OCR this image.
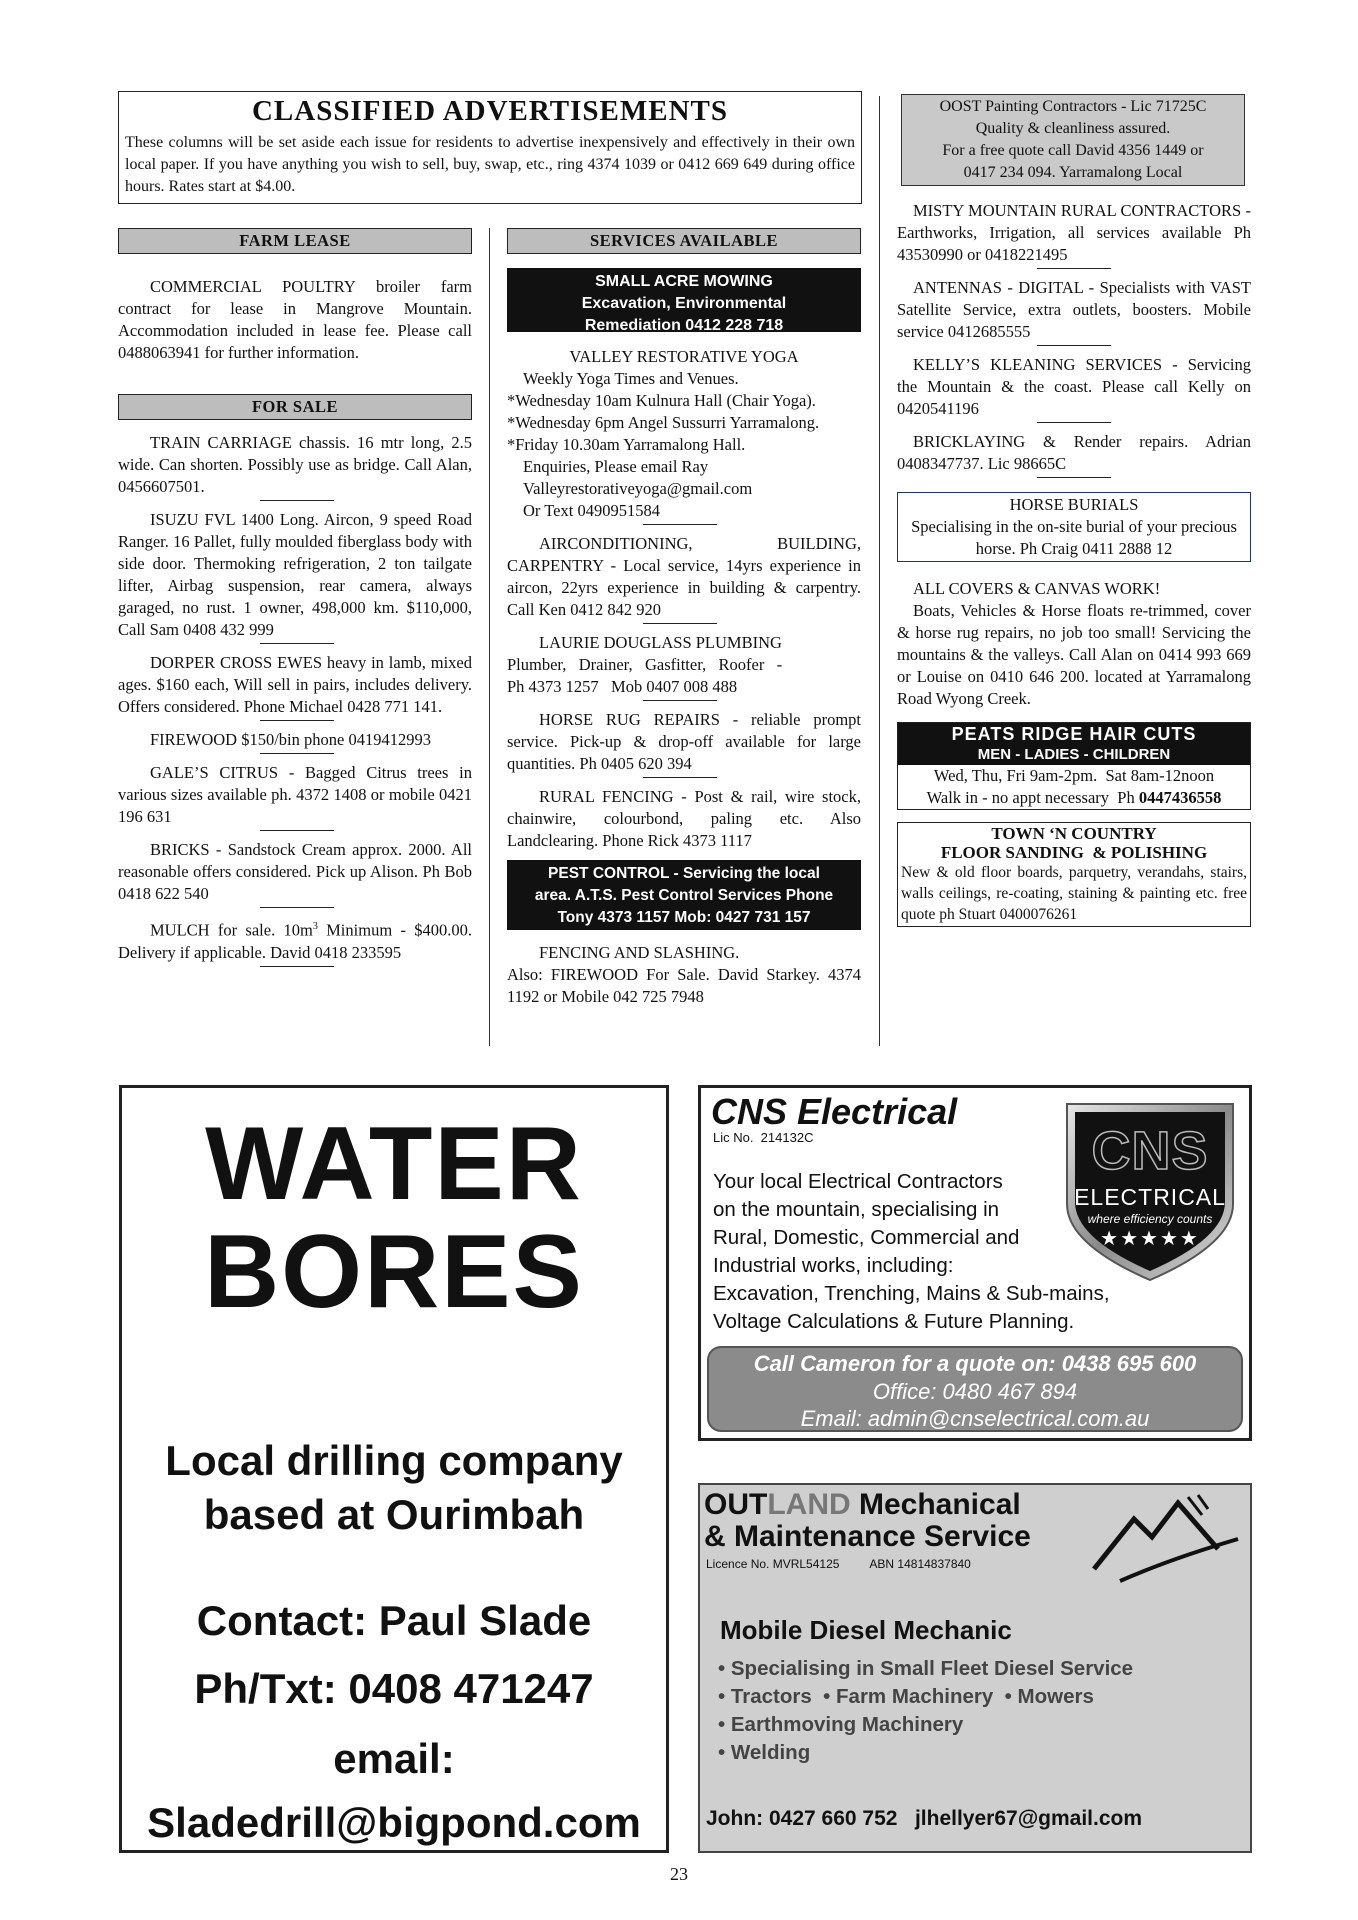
CLASSIFIED ADVERTISEMENTS

These columns will be set aside each issue for residents to advertise inexpensively and effectively in their own local paper. If you have anything you wish to sell, buy, swap, etc., ring 4374 1039 or 0412 669 649 during office hours. Rates start at $4.00.

FARM LEASE

COMMERCIAL POULTRY broiler farm contract for lease in Mangrove Mountain. Accommodation included in lease fee. Please call 0488063941 for further information.

FOR SALE

TRAIN CARRIAGE chassis. 16 mtr long, 2.5 wide. Can shorten. Possibly use as bridge. Call Alan, 0456607501.

ISUZU FVL 1400 Long. Aircon, 9 speed Road Ranger. 16 Pallet, fully moulded fiberglass body with side door. Thermoking refrigeration, 2 ton tailgate lifter, Airbag suspension, rear camera, always garaged, no rust. 1 owner, 498,000 km. $110,000, Call Sam 0408 432 999

DORPER CROSS EWES heavy in lamb, mixed ages. $160 each, Will sell in pairs, includes delivery. Offers considered. Phone Michael 0428 771 141.

FIREWOOD $150/bin phone 0419412993

GALE’S CITRUS - Bagged Citrus trees in various sizes available ph. 4372 1408 or mobile 0421 196 631

BRICKS - Sandstock Cream approx. 2000. All reasonable offers considered. Pick up Alison. Ph Bob 0418 622 540

MULCH for sale. $10m^3$ Minimum - $400.00. Delivery if applicable. David 0418 233595

SERVICES AVAILABLE
SMALL ACRE MOWING
Excavation, Environmental
Remediation 0412 228 718

VALLEY RESTORATIVE YOGA

Weekly Yoga Times and Venues.

*Wednesday 10am Kulnura Hall (Chair Yoga).

*Wednesday 6pm Angel Sussurri Yarramalong.

*Friday 10.30am Yarramalong Hall.

Enquiries, Please email Ray

Valleyrestorativeyoga@gmail.com

Or Text 0490951584

AIRCONDITIONING, BUILDING, CARPENTRY - Local service, 14yrs experience in aircon, 22yrs experience in building & carpentry. Call Ken 0412 842 920

LAURIE DOUGLASS PLUMBING

Plumber,   Drainer,   Gasfitter,   Roofer   -

Ph 4373 1257   Mob 0407 008 488

HORSE RUG REPAIRS - reliable prompt service. Pick-up & drop-off available for large quantities. Ph 0405 620 394

RURAL FENCING - Post & rail, wire stock, chainwire, colourbond, paling etc. Also Landclearing. Phone Rick 4373 1117

PEST CONTROL - Servicing the local
area. A.T.S. Pest Control Services Phone
Tony 4373 1157 Mob: 0427 731 157

FENCING AND SLASHING.

Also: FIREWOOD For Sale. David Starkey. 4374 1192 or Mobile 042 725 7948

OOST Painting Contractors - Lic 71725C
Quality & cleanliness assured.
For a free quote call David 4356 1449 or
0417 234 094. Yarramalong Local

MISTY MOUNTAIN RURAL CONTRACTORS - Earthworks, Irrigation, all services available Ph 43530990 or 0418221495

ANTENNAS - DIGITAL - Specialists with VAST Satellite Service, extra outlets, boosters. Mobile service 0412685555

KELLY’S KLEANING SERVICES - Servicing the Mountain & the coast. Please call Kelly on 0420541196

BRICKLAYING & Render repairs. Adrian 0408347737. Lic 98665C

HORSE BURIALS

Specialising in the on-site burial of your precious horse. Ph Craig 0411 2888 12

ALL COVERS & CANVAS WORK!

Boats, Vehicles & Horse floats re-trimmed, cover & horse rug repairs, no job too small! Servicing the mountains & the valleys. Call Alan on 0414 993 669 or Louise on 0410 646 200. located at Yarramalong Road Wyong Creek.

PEATS RIDGE HAIR CUTS
MEN - LADIES - CHILDREN

Wed, Thu, Fri 9am-2pm.  Sat 8am-12noon

Walk in - no appt necessary  Ph 0447436558

TOWN ‘N COUNTRY

FLOOR SANDING  & POLISHING

New & old floor boards, parquetry, verandahs, stairs, walls ceilings, re-coating, staining & painting etc. free quote ph Stuart 0400076261

WATER
BORES
Local drilling company
based at Ourimbah
Contact: Paul Slade
Ph/Txt: 0408 471247
email:
Sladedrill@bigpond.com
CNS Electrical
Lic No.  214132C	CNS
ELECTRICAL
where efficiency counts
★★★★★
Your local Electrical Contractors
on the mountain, specialising in
Rural, Domestic, Commercial and
Industrial works, including:
Excavation, Trenching, Mains & Sub-mains,
Voltage Calculations & Future Planning.
Call Cameron for a quote on: 0438 695 600
Office: 0480 467 894
Email: admin@cnselectrical.com.au
OUTLAND Mechanical
& Maintenance Service
Licence No. MVRL54125	ABN 14814837840
Mobile Diesel Mechanic
• Specialising in Small Fleet Diesel Service
• Tractors  • Farm Machinery  • Mowers
• Earthmoving Machinery
• Welding
John: 0427 660 752   jlhellyer67@gmail.com
23
